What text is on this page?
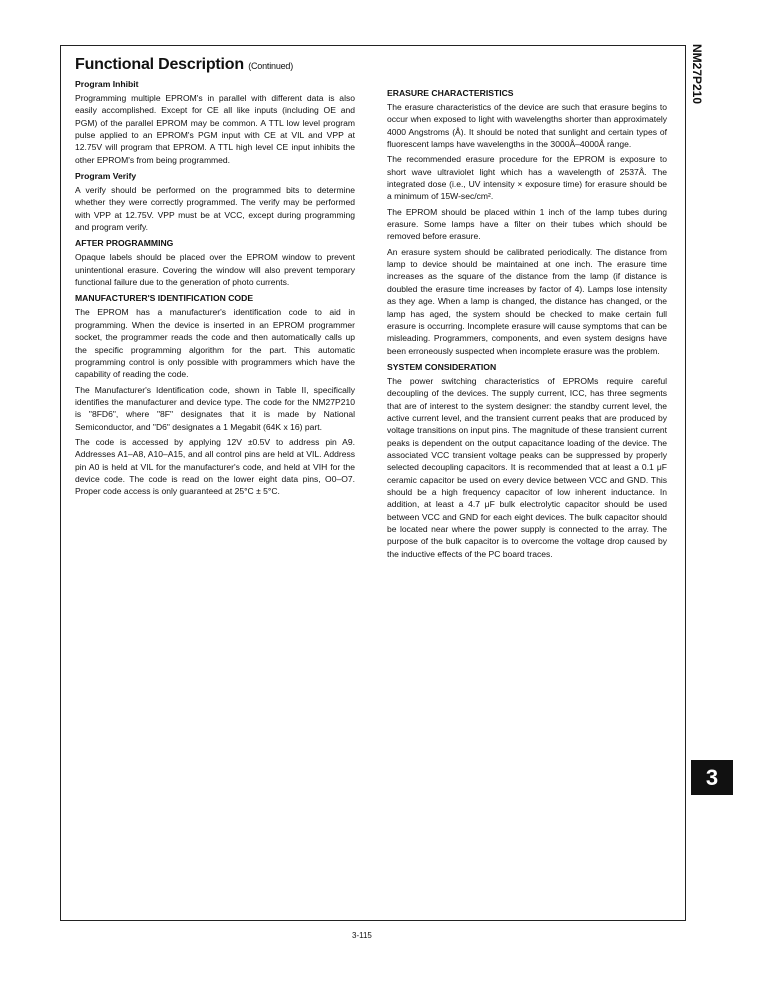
Functional Description (Continued)
Program Inhibit
Programming multiple EPROM's in parallel with different data is also easily accomplished. Except for CE all like inputs (including OE and PGM) of the parallel EPROM may be common. A TTL low level program pulse applied to an EPROM's PGM input with CE at VIL and VPP at 12.75V will program that EPROM. A TTL high level CE input inhibits the other EPROM's from being programmed.
Program Verify
A verify should be performed on the programmed bits to determine whether they were correctly programmed. The verify may be performed with VPP at 12.75V. VPP must be at VCC, except during programming and program verify.
AFTER PROGRAMMING
Opaque labels should be placed over the EPROM window to prevent unintentional erasure. Covering the window will also prevent temporary functional failure due to the generation of photo currents.
MANUFACTURER'S IDENTIFICATION CODE
The EPROM has a manufacturer's identification code to aid in programming. When the device is inserted in an EPROM programmer socket, the programmer reads the code and then automatically calls up the specific programming algorithm for the part. This automatic programming control is only possible with programmers which have the capability of reading the code.
The Manufacturer's Identification code, shown in Table II, specifically identifies the manufacturer and device type. The code for the NM27P210 is "8FD6", where "8F" designates that it is made by National Semiconductor, and "D6" designates a 1 Megabit (64K x 16) part.
The code is accessed by applying 12V ±0.5V to address pin A9. Addresses A1–A8, A10–A15, and all control pins are held at VIL. Address pin A0 is held at VIL for the manufacturer's code, and held at VIH for the device code. The code is read on the lower eight data pins, O0–O7. Proper code access is only guaranteed at 25°C ± 5°C.
ERASURE CHARACTERISTICS
The erasure characteristics of the device are such that erasure begins to occur when exposed to light with wavelengths shorter than approximately 4000 Angstroms (Å). It should be noted that sunlight and certain types of fluorescent lamps have wavelengths in the 3000Å–4000Å range.
The recommended erasure procedure for the EPROM is exposure to short wave ultraviolet light which has a wavelength of 2537Å. The integrated dose (i.e., UV intensity × exposure time) for erasure should be a minimum of 15W-sec/cm².
The EPROM should be placed within 1 inch of the lamp tubes during erasure. Some lamps have a filter on their tubes which should be removed before erasure.
An erasure system should be calibrated periodically. The distance from lamp to device should be maintained at one inch. The erasure time increases as the square of the distance from the lamp (if distance is doubled the erasure time increases by factor of 4). Lamps lose intensity as they age. When a lamp is changed, the distance has changed, or the lamp has aged, the system should be checked to make certain full erasure is occurring. Incomplete erasure will cause symptoms that can be misleading. Programmers, components, and even system designs have been erroneously suspected when incomplete erasure was the problem.
SYSTEM CONSIDERATION
The power switching characteristics of EPROMs require careful decoupling of the devices. The supply current, ICC, has three segments that are of interest to the system designer: the standby current level, the active current level, and the transient current peaks that are produced by voltage transitions on input pins. The magnitude of these transient current peaks is dependent on the output capacitance loading of the device. The associated VCC transient voltage peaks can be suppressed by properly selected decoupling capacitors. It is recommended that at least a 0.1 μF ceramic capacitor be used on every device between VCC and GND. This should be a high frequency capacitor of low inherent inductance. In addition, at least a 4.7 μF bulk electrolytic capacitor should be used between VCC and GND for each eight devices. The bulk capacitor should be located near where the power supply is connected to the array. The purpose of the bulk capacitor is to overcome the voltage drop caused by the inductive effects of the PC board traces.
NM27P210
3
3-115
